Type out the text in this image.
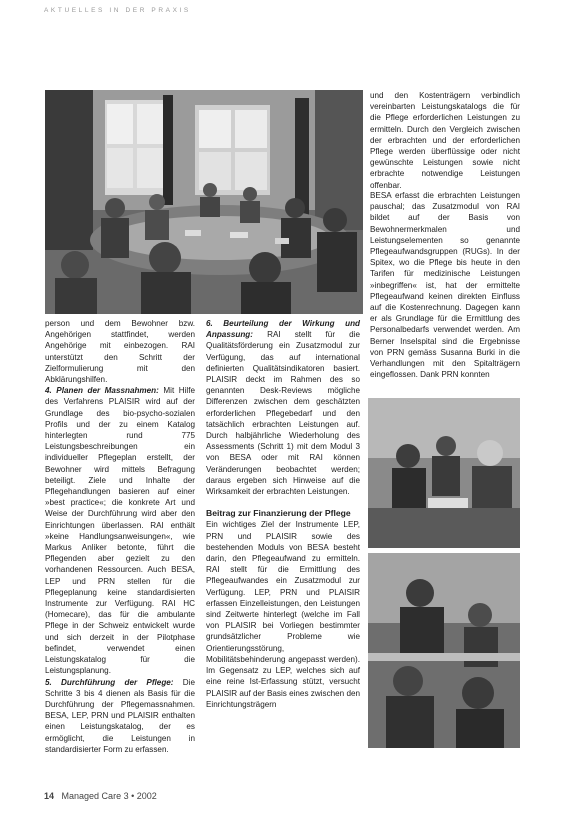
AKTUELLES IN DER PRAXIS

person und dem Bewohner bzw. Angehörigen stattfindet, werden Angehörige mit einbezogen. RAI unterstützt den Schritt der Zielformulierung mit den Abklärungshilfen.

4. Planen der Massnahmen: Mit Hilfe des Verfahrens PLAISIR wird auf der Grundlage des bio-psycho-sozialen Profils und der zu einem Katalog hinterlegten rund 775 Leistungsbeschreibungen ein individueller Pflegeplan erstellt, der Bewohner wird mittels Befragung beteiligt. Ziele und Inhalte der Pflegehandlungen basieren auf einer »best practice«; die konkrete Art und Weise der Durchführung wird aber den Einrichtungen überlassen. RAI enthält »keine Handlungsanweisungen«, wie Markus Anliker betonte, führt die Pflegenden aber gezielt zu den vorhandenen Ressourcen. Auch BESA, LEP und PRN stellen für die Pflegeplanung keine standardisierten Instrumente zur Verfügung. RAI HC (Homecare), das für die ambulante Pflege in der Schweiz entwickelt wurde und sich derzeit in der Pilotphase befindet, verwendet einen Leistungskatalog für die Leistungsplanung.

5. Durchführung der Pflege: Die Schritte 3 bis 4 dienen als Basis für die Durchführung der Pflegemassnahmen. BESA, LEP, PRN und PLAISIR enthalten einen Leistungskatalog, der es ermöglicht, die Leistungen in standardisierter Form zu erfassen.

6. Beurteilung der Wirkung und Anpassung: RAI stellt für die Qualitätsförderung ein Zusatzmodul zur Verfügung, das auf international definierten Qualitätsindikatoren basiert. PLAISIR deckt im Rahmen des so genannten Desk-Reviews mögliche Differenzen zwischen dem geschätzten erforderlichen Pflegebedarf und den tatsächlich erbrachten Leistungen auf. Durch halbjährliche Wiederholung des Assessments (Schritt 1) mit dem Modul 3 von BESA oder mit RAI können Veränderungen beobachtet werden; daraus ergeben sich Hinweise auf die Wirksamkeit der erbrachten Leistungen.

Beitrag zur Finanzierung der Pflege

Ein wichtiges Ziel der Instrumente LEP, PRN und PLAISIR sowie des bestehenden Moduls von BESA besteht darin, den Pflegeaufwand zu ermitteln. RAI stellt für die Ermittlung des Pflegeaufwandes ein Zusatzmodul zur Verfügung. LEP, PRN und PLAISIR erfassen Einzelleistungen, den Leistungen sind Zeitwerte hinterlegt (welche im Fall von PLAISIR bei Vorliegen bestimmter grundsätzlicher Probleme wie Orientierungsstörung, Mobilitätsbehinderung angepasst werden). Im Gegensatz zu LEP, welches sich auf eine reine Ist-Erfassung stützt, versucht PLAISIR auf der Basis eines zwischen den Einrichtungsträgern

und den Kostenträgern verbindlich vereinbarten Leistungskatalogs die für die Pflege erforderlichen Leistungen zu ermitteln. Durch den Vergleich zwischen der erbrachten und der erforderlichen Pflege werden überflüssige oder nicht gewünschte Leistungen sowie nicht erbrachte notwendige Leistungen offenbar.

BESA erfasst die erbrachten Leistungen pauschal; das Zusatzmodul von RAI bildet auf der Basis von Bewohnermerkmalen und Leistungselementen so genannte Pflegeaufwandsgruppen (RUGs). In der Spitex, wo die Pflege bis heute in den Tarifen für medizinische Leistungen »inbegriffen« ist, hat der ermittelte Pflegeaufwand keinen direkten Einfluss auf die Kostenrechnung. Dagegen kann er als Grundlage für die Ermittlung des Personalbedarfs verwendet werden. Am Berner Inselspital sind die Ergebnisse von PRN gemäss Susanna Burki in die Verhandlungen mit den Spitalträgern eingeflossen. Dank PRN konnten

14 Managed Care 3 • 2002
